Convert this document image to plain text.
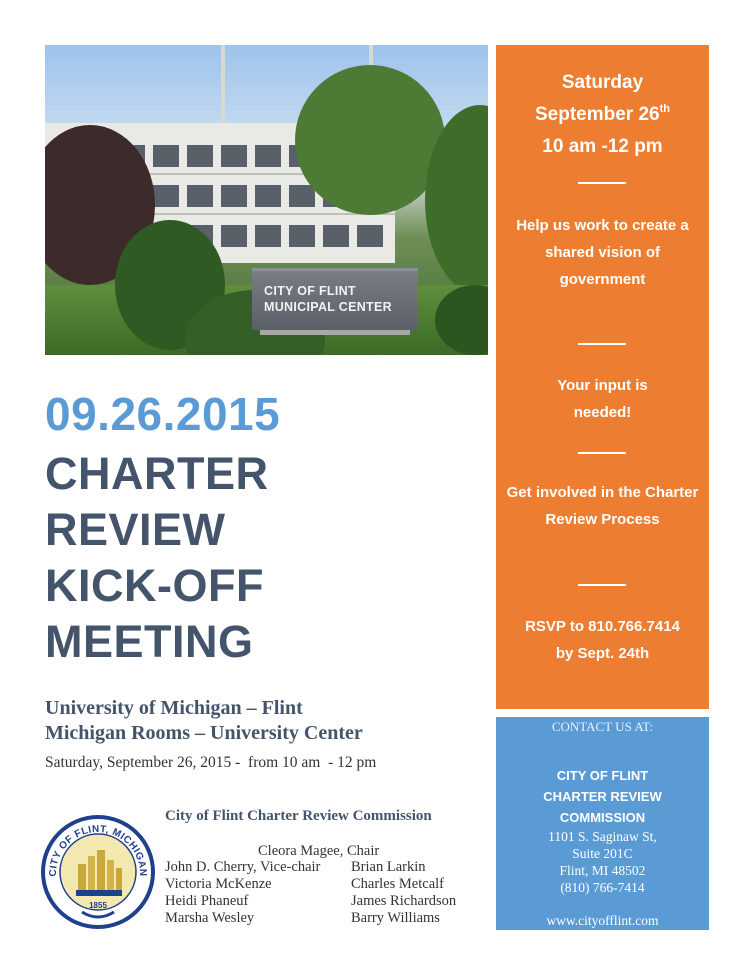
CITY OF FLINT
MUNICIPAL CENTER
Saturday
September 26th
10 am -12 pm
Help us work to create a shared vision of government
Your input is needed!
Get involved in the Charter Review Process
RSVP to 810.766.7414 by Sept. 24th
CONTACT US AT:
CITY OF FLINT
CHARTER REVIEW
COMMISSION
1101 S. Saginaw St,
Suite 201C
Flint, MI 48502
(810) 766-7414
www.cityofflint.com
09.26.2015
CHARTER
REVIEW
KICK-OFF
MEETING
University of Michigan – Flint
Michigan Rooms – University Center
Saturday, September 26, 2015 -  from 10 am  - 12 pm
CITY OF FLINT, MICHIGAN
1855
City of Flint Charter Review Commission
Cleora Magee, Chair
John D. Cherry, Vice-chair	Brian Larkin
Victoria McKenze	Charles Metcalf
Heidi Phaneuf	James Richardson
Marsha Wesley	Barry Williams
